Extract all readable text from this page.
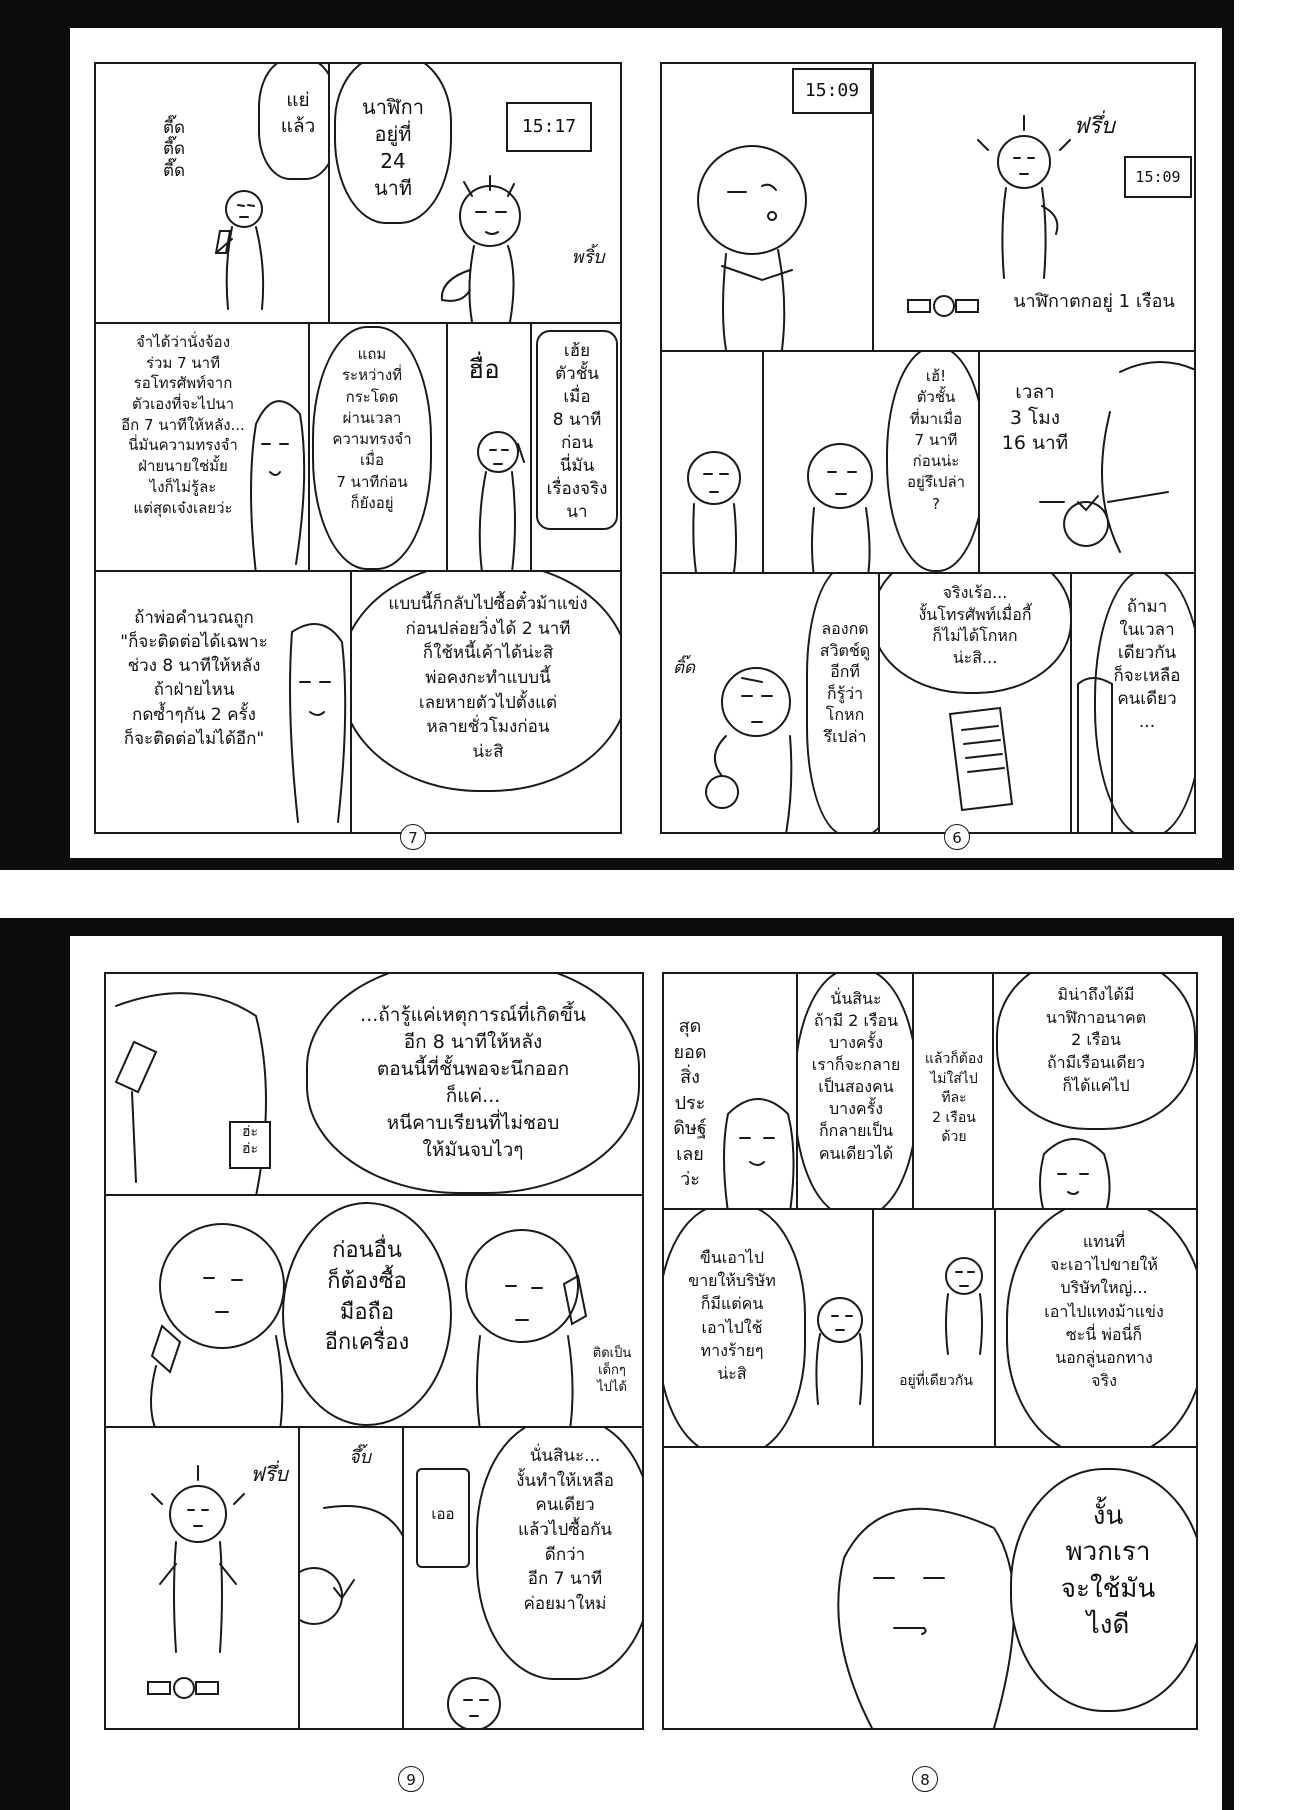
ตี๊ด
ตี๊ด
ตี๊ด
แย่
แล้ว
นาฬิกา
อยู่ที่
24
นาที
15:17
พริ้บ
จำได้ว่านั่งจ้อง
ร่วม 7 นาที
รอโทรศัพท์จาก
ตัวเองที่จะไปนา
อีก 7 นาทีให้หลัง...
นี่มันความทรงจำ
ฝ่ายนายใช่มั้ย
ไงก็ไม่รู้ละ
แต่สุดเจ๋งเลยว่ะ
แถม
ระหว่างที่
กระโดด
ผ่านเวลา
ความทรงจำ
เมื่อ
7 นาทีก่อน
ก็ยังอยู่
ฮื่อ
เฮ้ย
ตัวชั้น
เมื่อ
8 นาทีก่อน
นี่มัน
เรื่องจริง
นา
ถ้าพ่อคำนวณถูก
"ก็จะติดต่อได้เฉพาะ
ช่วง 8 นาทีให้หลัง
ถ้าฝ่ายไหน
กดซ้ำๆกัน 2 ครั้ง
ก็จะติดต่อไม่ได้อีก"
แบบนี้ก็กลับไปซื้อตั๋วม้าแข่ง
ก่อนปล่อยวิ่งได้ 2 นาที
ก็ใช้หนี้เค้าได้น่ะสิ
พ่อคงกะทำแบบนี้
เลยหายตัวไปตั้งแต่
หลายชั่วโมงก่อน
น่ะสิ
7
15:09
ฟรึ่บ
15:09
นาฬิกาตกอยู่ 1 เรือน
เฮ้!
ตัวชั้น
ที่มาเมื่อ
7 นาที
ก่อนน่ะ
อยู่รึเปล่า
?
เวลา
3 โมง
16 นาที
ติ๊ด
ลองกด
สวิตช์ดู
อีกที
ก็รู้ว่า
โกหก
รึเปล่า
จริงเร้อ...
งั้นโทรศัพท์เมื่อกี้
ก็ไม่ได้โกหก
น่ะสิ...
ถ้ามา
ในเวลา
เดียวกัน
ก็จะเหลือ
คนเดียว
...
6
ฮ่ะ
ฮ่ะ
...ถ้ารู้แค่เหตุการณ์ที่เกิดขึ้น
อีก 8 นาทีให้หลัง
ตอนนี้ที่ชั้นพอจะนึกออก
ก็แค่...
หนีคาบเรียนที่ไม่ชอบ
ให้มันจบไวๆ
ก่อนอื่น
ก็ต้องซื้อ
มือถือ
อีกเครื่อง	ติดเป็น
เด็กๆ
ไปได้
ฟรึ่บ
จึ๊บ
เออ
นั่นสินะ...
งั้นทำให้เหลือ
คนเดียว
แล้วไปซื้อกัน
ดีกว่า
อีก 7 นาที
ค่อยมาใหม่
9
สุด
ยอด
สิ่ง
ประ
ดิษฐ์
เลย
ว่ะ
นั่นสินะ
ถ้ามี 2 เรือน
บางครั้ง
เราก็จะกลาย
เป็นสองคน
บางครั้ง
ก็กลายเป็น
คนเดียวได้
แล้วก็ต้อง
ไม่ใส่ไป
ทีละ
2 เรือน
ด้วย
มิน่าถึงได้มี
นาฬิกาอนาคต
2 เรือน
ถ้ามีเรือนเดียว
ก็ได้แค่ไป
ขืนเอาไป
ขายให้บริษัท
ก็มีแต่คน
เอาไปใช้
ทางร้ายๆ
น่ะสิ	อยู่ที่เดียวกัน
แทนที่
จะเอาไปขายให้
บริษัทใหญ่...
เอาไปแทงม้าแข่ง
ซะนี่ พ่อนี่ก็
นอกลู่นอกทาง
จริง
งั้น
พวกเรา
จะใช้มัน
ไงดี
8
